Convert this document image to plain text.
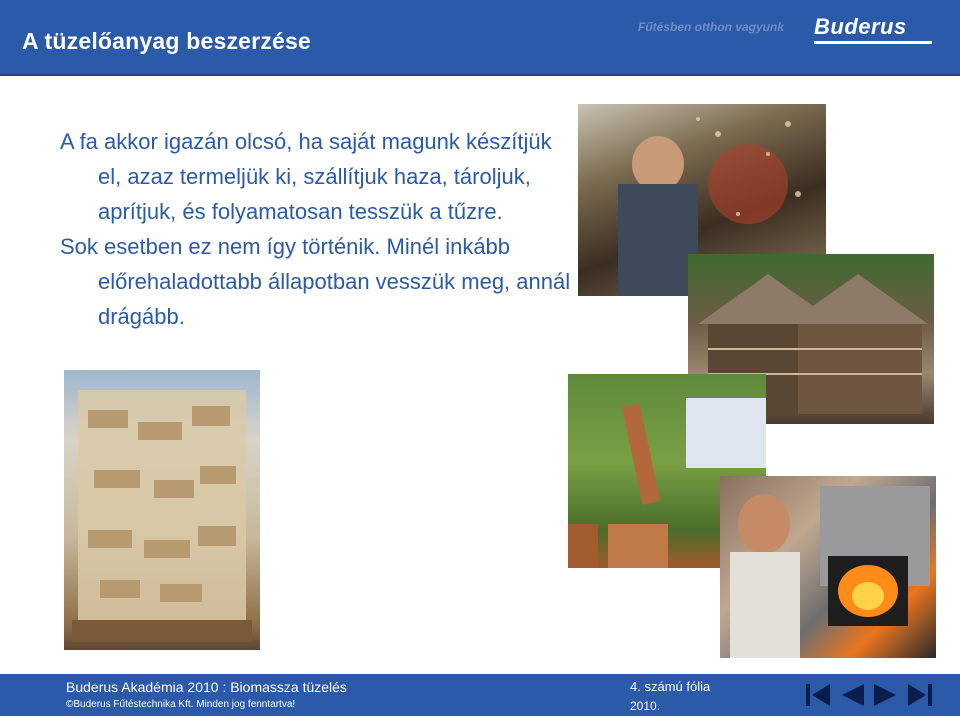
A tüzelőanyag beszerzése
Fűtésben otthon vagyunk Buderus

A fa akkor igazán olcsó, ha saját magunk készítjük el, azaz termeljük ki, szállítjuk haza, tároljuk, aprítjuk, és folyamatosan tesszük a tűzre.

Sok esetben ez nem így történik. Minél inkább előrehaladottabb állapotban vesszük meg, annál drágább.

Buderus Akadémia 2010 : Biomassza tüzelés
©Buderus Fűtéstechnika Kft. Minden jog fenntartva!
4. számú fólia
2010.
